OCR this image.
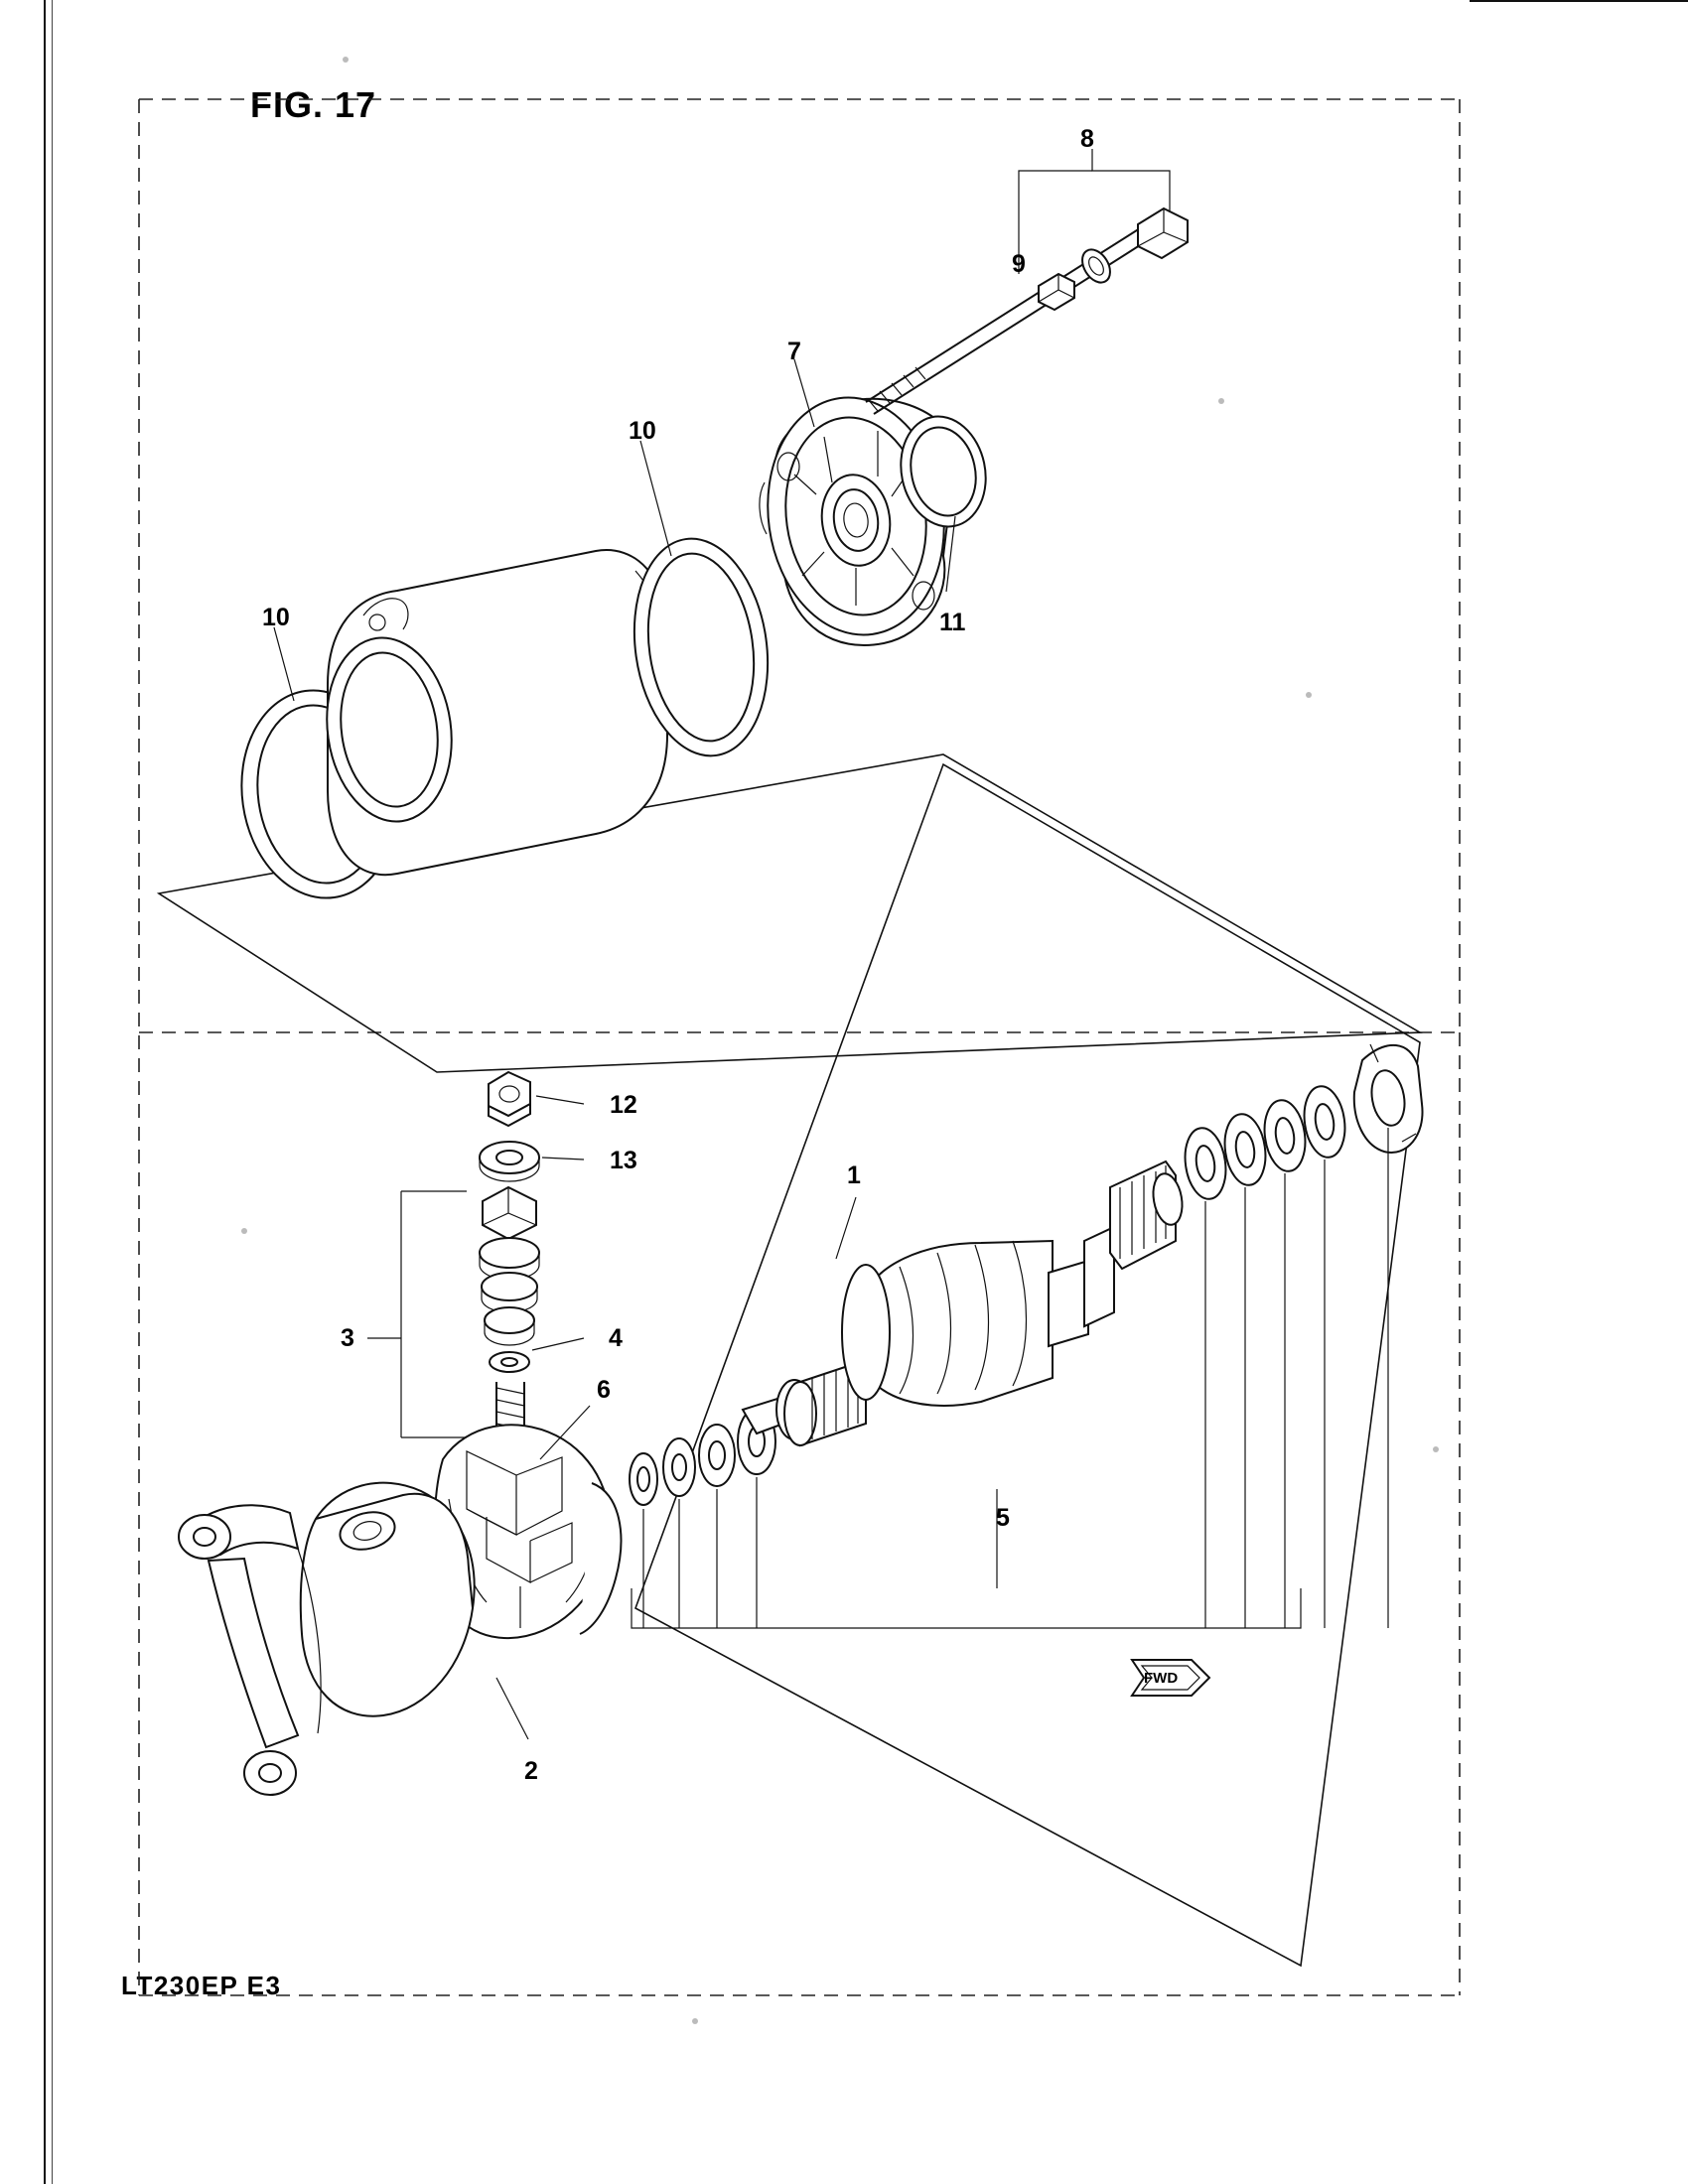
FIG. 17
LT230EP E3
8
9
7
10
11
10
12
13
1
3	4
6
5
2
FWD
